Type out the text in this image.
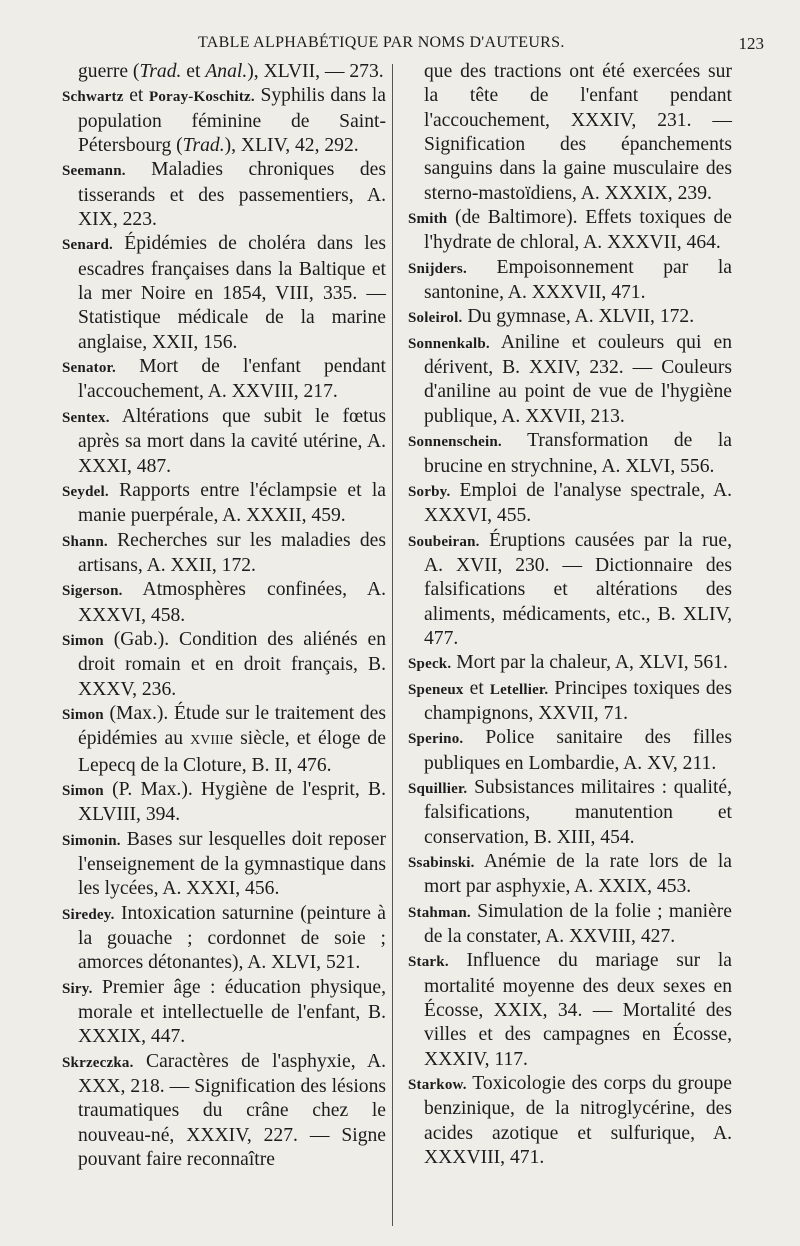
TABLE ALPHABÉTIQUE PAR NOMS D'AUTEURS.	123

guerre (Trad. et Anal.), XLVII, — 273.

Schwartz et Poray-Koschitz. Syphilis dans la population féminine de Saint-Pétersbourg (Trad.), XLIV, 42, 292.

Seemann. Maladies chroniques des tisserands et des passementiers, A. XIX, 223.

Senard. Épidémies de choléra dans les escadres françaises dans la Baltique et la mer Noire en 1854, VIII, 335. — Statistique médicale de la marine anglaise, XXII, 156.

Senator. Mort de l'enfant pendant l'accouchement, A. XXVIII, 217.

Sentex. Altérations que subit le fœtus après sa mort dans la cavité utérine, A. XXXI, 487.

Seydel. Rapports entre l'éclampsie et la manie puerpérale, A. XXXII, 459.

Shann. Recherches sur les maladies des artisans, A. XXII, 172.

Sigerson. Atmosphères confinées, A. XXXVI, 458.

Simon (Gab.). Condition des aliénés en droit romain et en droit français, B. XXXV, 236.

Simon (Max.). Étude sur le traitement des épidémies au XVIIIe siècle, et éloge de Lepecq de la Cloture, B. II, 476.

Simon (P. Max.). Hygiène de l'esprit, B. XLVIII, 394.

Simonin. Bases sur lesquelles doit reposer l'enseignement de la gymnastique dans les lycées, A. XXXI, 456.

Siredey. Intoxication saturnine (peinture à la gouache ; cordonnet de soie ; amorces détonantes), A. XLVI, 521.

Siry. Premier âge : éducation physique, morale et intellectuelle de l'enfant, B. XXXIX, 447.

Skrzeczka. Caractères de l'asphyxie, A. XXX, 218. — Signification des lésions traumatiques du crâne chez le nouveau-né, XXXIV, 227. — Signe pouvant faire reconnaître

que des tractions ont été exercées sur la tête de l'enfant pendant l'accouchement, XXXIV, 231. — Signification des épanchements sanguins dans la gaine musculaire des sterno-mastoïdiens, A. XXXIX, 239.

Smith (de Baltimore). Effets toxiques de l'hydrate de chloral, A. XXXVII, 464.

Snijders. Empoisonnement par la santonine, A. XXXVII, 471.

Soleirol. Du gymnase, A. XLVII, 172.

Sonnenkalb. Aniline et couleurs qui en dérivent, B. XXIV, 232. — Couleurs d'aniline au point de vue de l'hygiène publique, A. XXVII, 213.

Sonnenschein. Transformation de la brucine en strychnine, A. XLVI, 556.

Sorby. Emploi de l'analyse spectrale, A. XXXVI, 455.

Soubeiran. Éruptions causées par la rue, A. XVII, 230. — Dictionnaire des falsifications et altérations des aliments, médicaments, etc., B. XLIV, 477.

Speck. Mort par la chaleur, A, XLVI, 561.

Speneux et Letellier. Principes toxiques des champignons, XXVII, 71.

Sperino. Police sanitaire des filles publiques en Lombardie, A. XV, 211.

Squillier. Subsistances militaires : qualité, falsifications, manutention et conservation, B. XIII, 454.

Ssabinski. Anémie de la rate lors de la mort par asphyxie, A. XXIX, 453.

Stahman. Simulation de la folie ; manière de la constater, A. XXVIII, 427.

Stark. Influence du mariage sur la mortalité moyenne des deux sexes en Écosse, XXIX, 34. — Mortalité des villes et des campagnes en Écosse, XXXIV, 117.

Starkow. Toxicologie des corps du groupe benzinique, de la nitroglycérine, des acides azotique et sulfurique, A. XXXVIII, 471.
